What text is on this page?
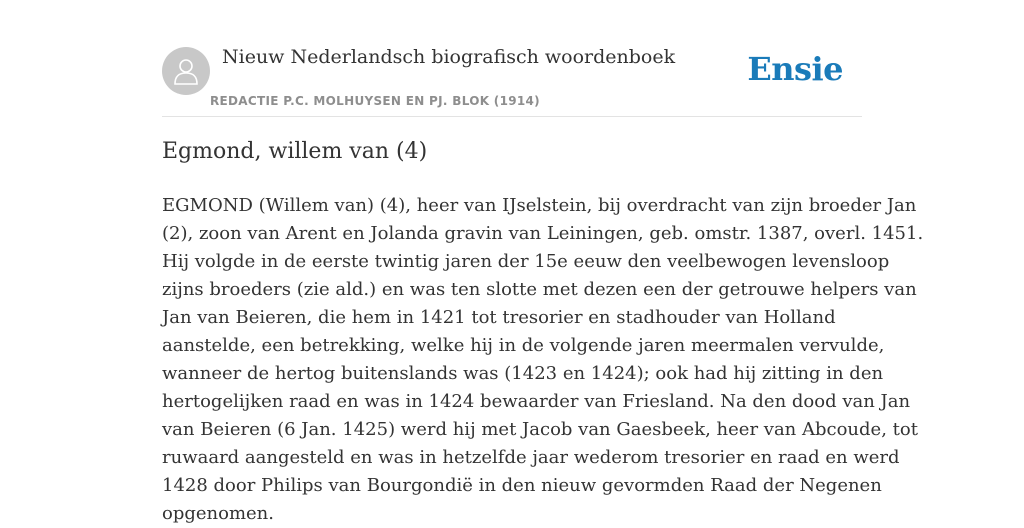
Nieuw Nederlandsch biografisch woordenboek
REDACTIE P.C. MOLHUYSEN EN PJ. BLOK (1914)
Ensie
Egmond, willem van (4)
EGMOND (Willem van) (4), heer van IJselstein, bij overdracht van zijn broeder Jan
(2), zoon van Arent en Jolanda gravin van Leiningen, geb. omstr. 1387, overl. 1451.
Hij volgde in de eerste twintig jaren der 15e eeuw den veelbewogen levensloop
zijns broeders (zie ald.) en was ten slotte met dezen een der getrouwe helpers van
Jan van Beieren, die hem in 1421 tot tresorier en stadhouder van Holland
aanstelde, een betrekking, welke hij in de volgende jaren meermalen vervulde,
wanneer de hertog buitenslands was (1423 en 1424); ook had hij zitting in den
hertogelijken raad en was in 1424 bewaarder van Friesland. Na den dood van Jan
van Beieren (6 Jan. 1425) werd hij met Jacob van Gaesbeek, heer van Abcoude, tot
ruwaard aangesteld en was in hetzelfde jaar wederom tresorier en raad en werd
1428 door Philips van Bourgondië in den nieuw gevormden Raad der Negenen
opgenomen.
